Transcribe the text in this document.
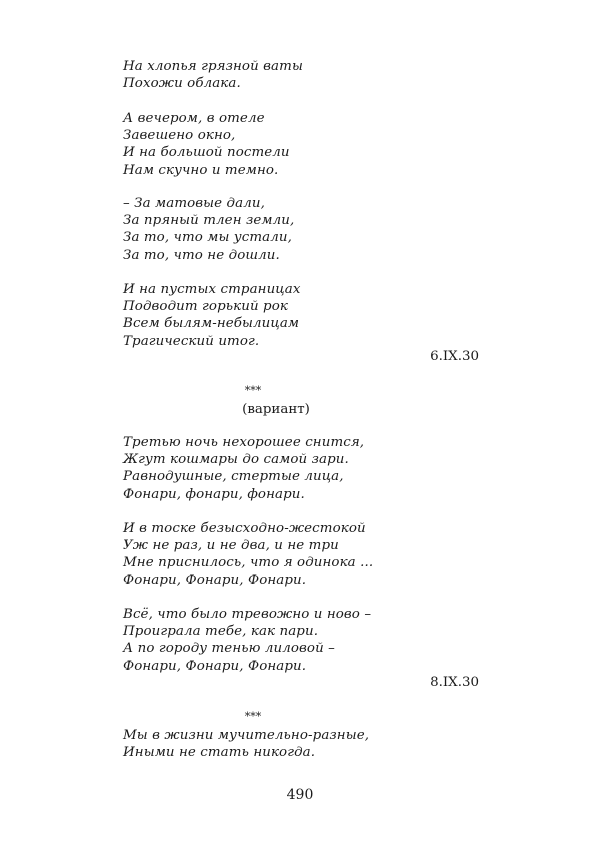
На хлопья грязной ваты
Похожи облака.
А вечером, в отеле
Завешено окно,
И на большой постели
Нам скучно и темно.
– За матовые дали,
За пряный тлен земли,
За то, что мы устали,
За то, что не дошли.
И на пустых страницах
Подводит горький рок
Всем былям-небылицам
Трагический итог.
6.IX.30
***
(вариант)
Третью ночь нехорошее снится,
Жгут кошмары до самой зари.
Равнодушные, стертые лица,
Фонари, фонари, фонари.
И в тоске безысходно-жестокой
Уж не раз, и не два, и не три
Мне приснилось, что я одинока ...
Фонари, Фонари, Фонари.
Всё, что было тревожно и ново –
Проиграла тебе, как пари.
А по городу тенью лиловой –
Фонари, Фонари, Фонари.
8.IX.30
***
Мы в жизни мучительно-разные,
Иными не стать никогда.
490
